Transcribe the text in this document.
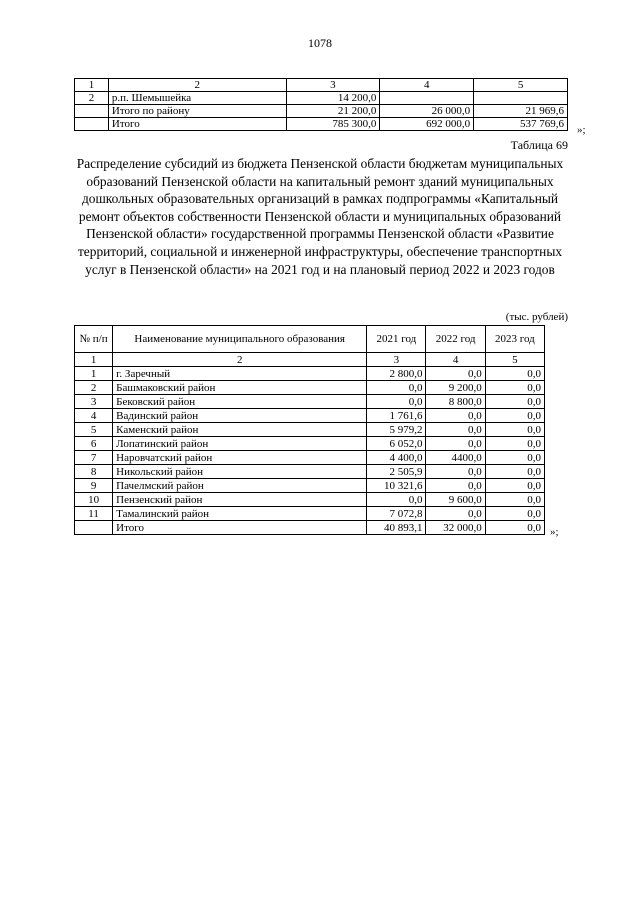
1078
1	2	3	4	5
2	р.п. Шемышейка	14 200,0		
	Итого по району	21 200,0	26 000,0	21 969,6
	Итого	785 300,0	692 000,0	537 769,6 »;
Таблица 69
Распределение субсидий из бюджета Пензенской области бюджетам муниципальных образований Пензенской области на капитальный ремонт зданий муниципальных дошкольных образовательных организаций в рамках подпрограммы «Капитальный ремонт объектов собственности Пензенской области и муниципальных образований Пензенской области» государственной программы Пензенской области «Развитие территорий, социальной и инженерной инфраструктуры, обеспечение транспортных услуг в Пензенской области» на 2021 год и на плановый период 2022 и 2023 годов
(тыс. рублей)
№ п/п	Наименование муниципального образования	2021 год	2022 год	2023 год
1	2	3	4	5
1	г. Заречный	2 800,0	0,0	0,0
2	Башмаковский район	0,0	9 200,0	0,0
3	Бековский район	0,0	8 800,0	0,0
4	Вадинский район	1 761,6	0,0	0,0
5	Каменский район	5 979,2	0,0	0,0
6	Лопатинский район	6 052,0	0,0	0,0
7	Наровчатский район	4 400,0	4400,0	0,0
8	Никольский район	2 505,9	0,0	0,0
9	Пачелмский район	10 321,6	0,0	0,0
10	Пензенский район	0,0	9 600,0	0,0
11	Тамалинский район	7 072,8	0,0	0,0
	Итого	40 893,1	32 000,0	0,0 »;
